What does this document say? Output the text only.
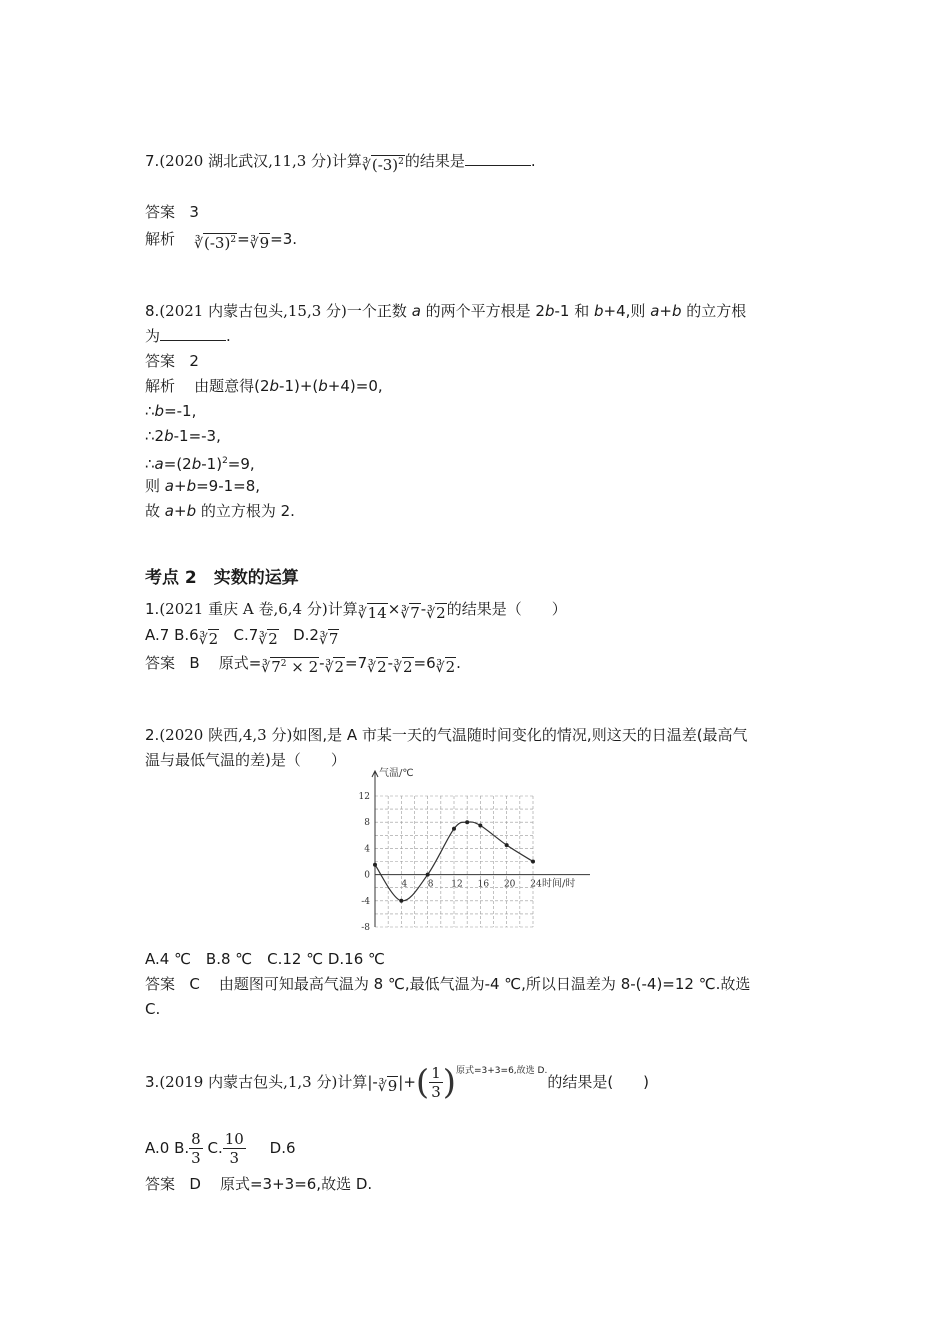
7.(2020 湖北武汉,11,3 分)计算$∛(-3)^2$的结果是	.
答案 3
解析 $∛(-3)^2=∛9=3$.
8.(2021 内蒙古包头,15,3 分)一个正数 a 的两个平方根是 2b-1 和 b+4,则 a+b 的立方根
为	.
答案 2
解析 由题意得(2b-1)+(b+4)=0,
∴b=-1,
∴2b-1=-3,
$\therefore a=(2b-1)^2=9$,
则 a+b=9-1=8,
故 a+b 的立方根为 2.
考点 2　实数的运算
1.(2021 重庆 A 卷,6,4 分)计算∛14×∛7-∛2的结果是（　　）
A.7 B.6∛2 C.7∛2 D.2∛7
答案 B 原式$=∛7^2$ × 2-∛2=7∛2-∛2=6∛2.
2.(2020 陕西,4,3 分)如图,是 A 市某一天的气温随时间变化的情况,则这天的日温差(最高气
温与最低气温的差)是（　　）
12
8
4
0
-4
-8
4 8 12 16 20 24
气温/℃
时间/时
A.4 ℃　B.8 ℃　C.12 ℃ D.16 ℃
答案 C 由题图可知最高气温为 8 ℃,最低气温为-4 ℃,所以日温差为 8-(-4)=12 ℃.故选
C.
3.(2019 内蒙古包头,1,3 分)计算|-∛9|+( $\frac{1}{3} )^{原式=3+3=6,故选 D.}$的结果是(　　)
A.0 B. $\frac{8}{3} C$. $\frac{10}{3} D.6$
答案 D 原式=3+3=6,故选 D.
